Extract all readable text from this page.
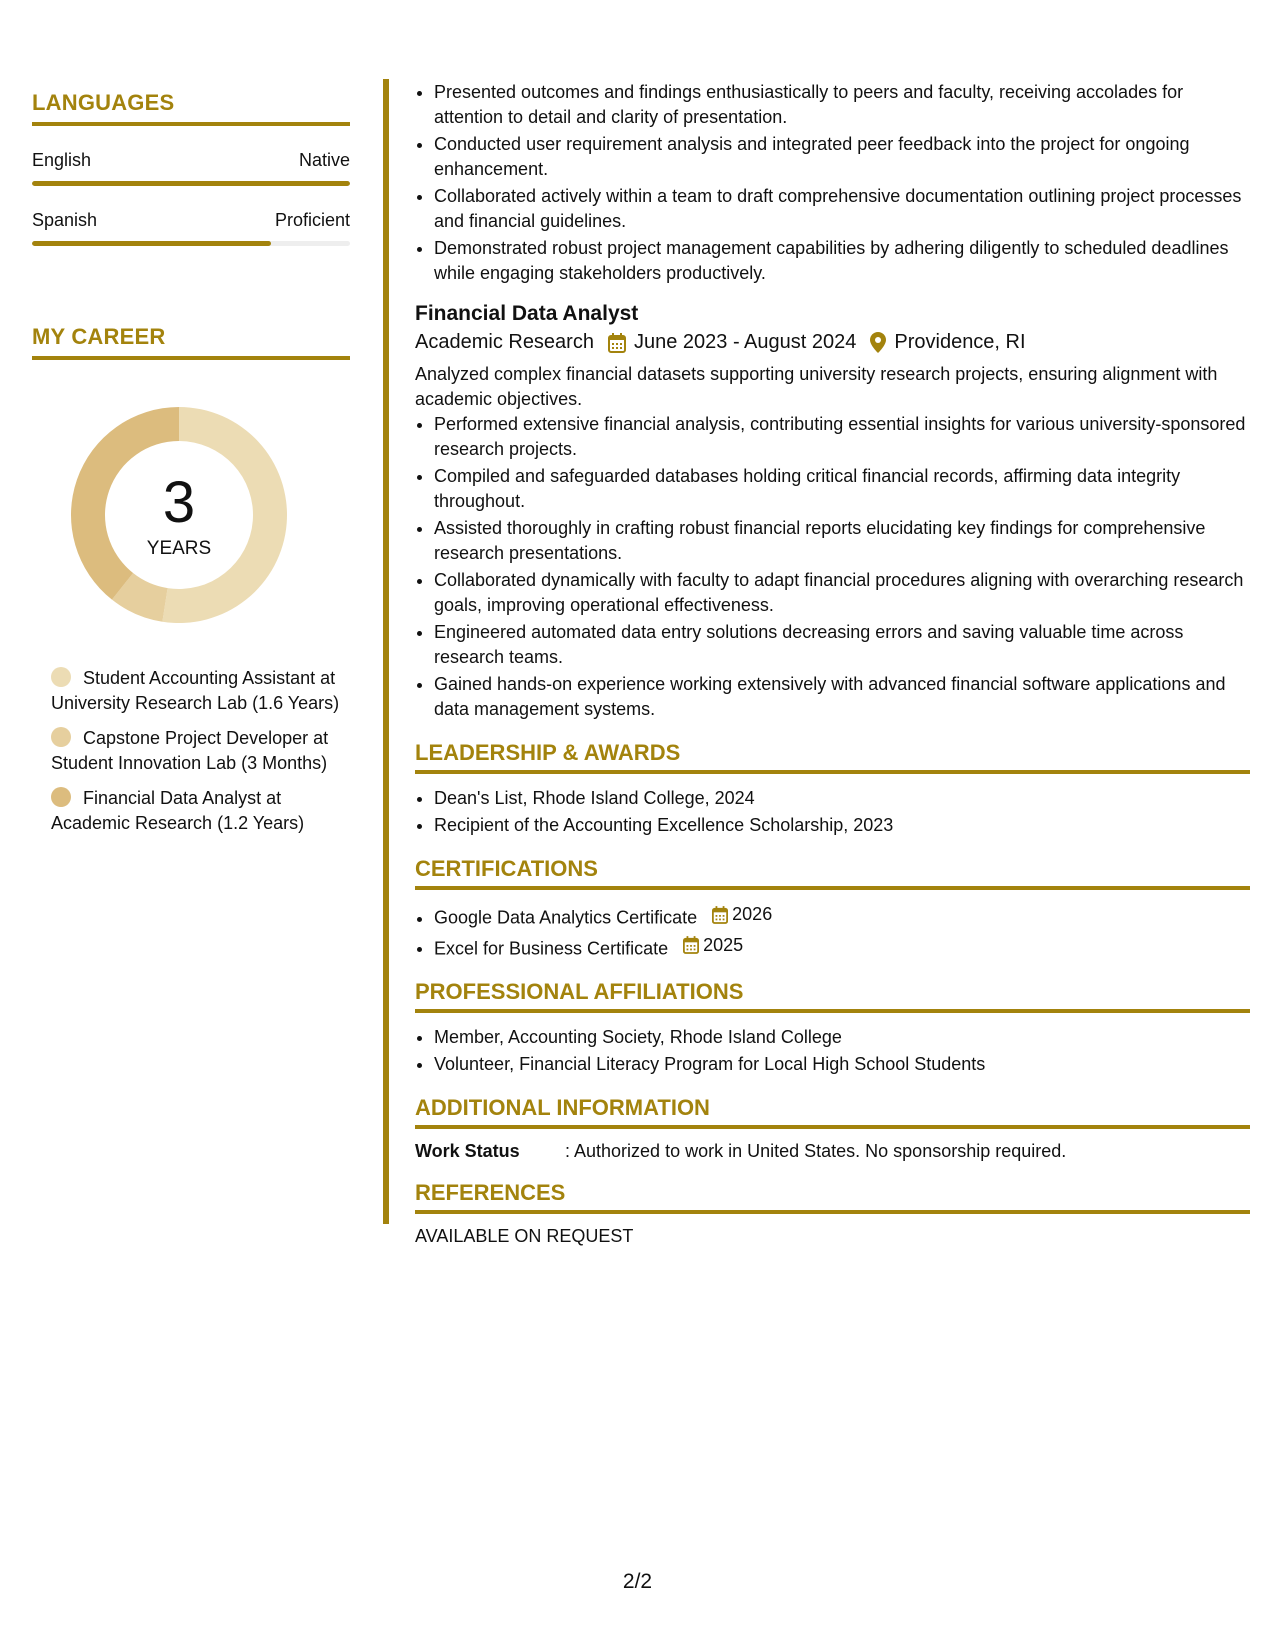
LANGUAGES
English	Native
Spanish	Proficient
MY CAREER
3
YEARS
Student Accounting Assistant at University Research Lab (1.6 Years)
Capstone Project Developer at Student Innovation Lab (3 Months)
Financial Data Analyst at Academic Research (1.2 Years)
• Presented outcomes and findings enthusiastically to peers and faculty, receiving accolades for attention to detail and clarity of presentation.
• Conducted user requirement analysis and integrated peer feedback into the project for ongoing enhancement.
• Collaborated actively within a team to draft comprehensive documentation outlining project processes and financial guidelines.
• Demonstrated robust project management capabilities by adhering diligently to scheduled deadlines while engaging stakeholders productively.
Financial Data Analyst
Academic Research June 2023 - August 2024 Providence, RI
Analyzed complex financial datasets supporting university research projects, ensuring alignment with academic objectives.
• Performed extensive financial analysis, contributing essential insights for various university-sponsored research projects.
• Compiled and safeguarded databases holding critical financial records, affirming data integrity throughout.
• Assisted thoroughly in crafting robust financial reports elucidating key findings for comprehensive research presentations.
• Collaborated dynamically with faculty to adapt financial procedures aligning with overarching research goals, improving operational effectiveness.
• Engineered automated data entry solutions decreasing errors and saving valuable time across research teams.
• Gained hands-on experience working extensively with advanced financial software applications and data management systems.
LEADERSHIP & AWARDS
• Dean's List, Rhode Island College, 2024
• Recipient of the Accounting Excellence Scholarship, 2023
CERTIFICATIONS
• Google Data Analytics Certificate 2026
• Excel for Business Certificate 2025
PROFESSIONAL AFFILIATIONS
• Member, Accounting Society, Rhode Island College
• Volunteer, Financial Literacy Program for Local High School Students
ADDITIONAL INFORMATION
Work Status	: Authorized to work in United States. No sponsorship required.
REFERENCES
AVAILABLE ON REQUEST
2/2
